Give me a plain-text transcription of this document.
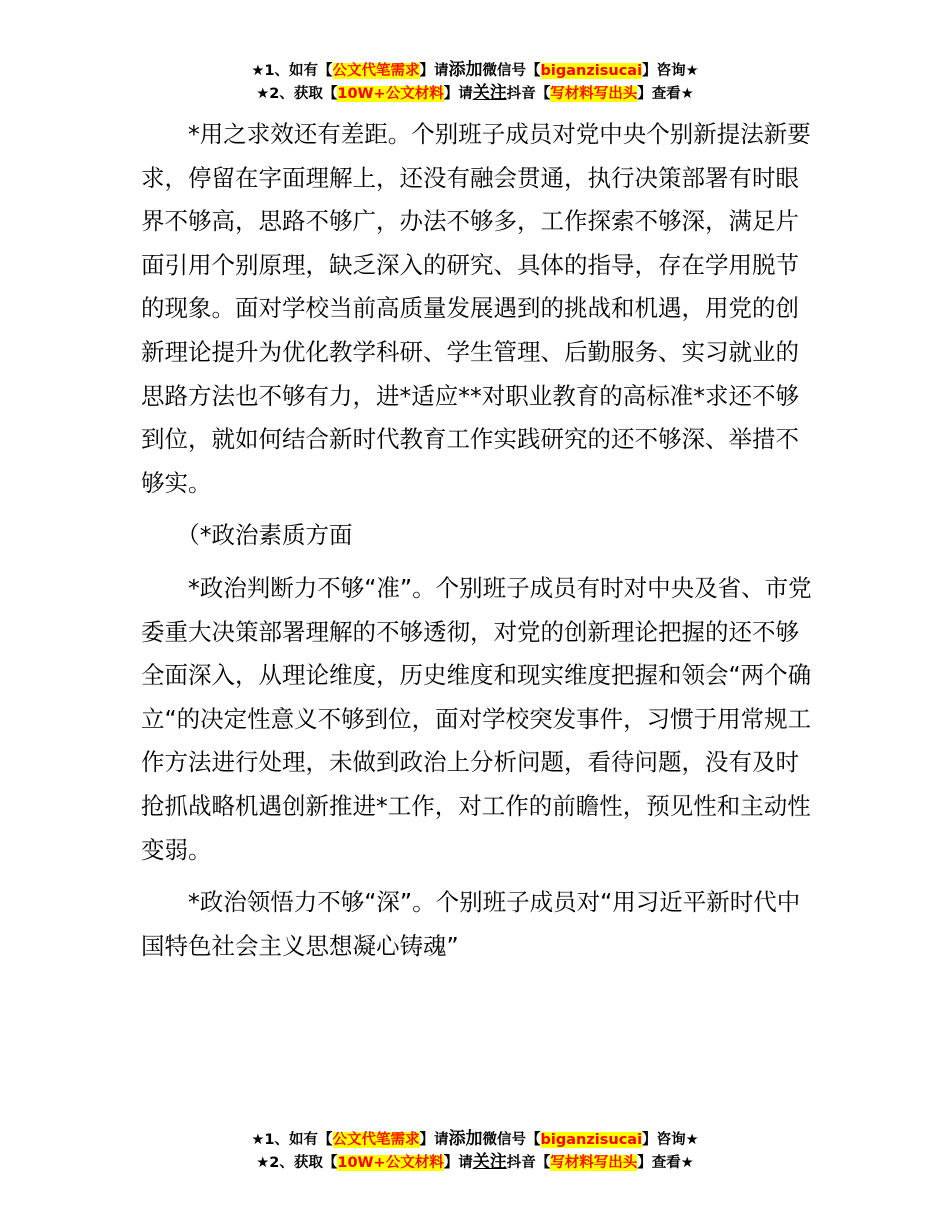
★1、如有【公文代笔需求】请添加微信号【biganzisucai】咨询★
★2、获取【10W+公文材料】请关注抖音【写材料写出头】查看★

*用之求效还有差距。个别班子成员对党中央个别新提法新要求，停留在字面理解上，还没有融会贯通，执行决策部署有时眼界不够高，思路不够广，办法不够多，工作探索不够深，满足片面引用个别原理，缺乏深入的研究、具体的指导，存在学用脱节的现象。面对学校当前高质量发展遇到的挑战和机遇，用党的创新理论提升为优化教学科研、学生管理、后勤服务、实习就业的思路方法也不够有力，进*适应**对职业教育的高标准*求还不够到位，就如何结合新时代教育工作实践研究的还不够深、举措不够实。

（*政治素质方面

*政治判断力不够“准”。个别班子成员有时对中央及省、市党委重大决策部署理解的不够透彻，对党的创新理论把握的还不够全面深入，从理论维度，历史维度和现实维度把握和领会“两个确立“的决定性意义不够到位，面对学校突发事件，习惯于用常规工作方法进行处理，未做到政治上分析问题，看待问题，没有及时抢抓战略机遇创新推进*工作，对工作的前瞻性，预见性和主动性变弱。

*政治领悟力不够“深”。个别班子成员对“用习近平新时代中国特色社会主义思想凝心铸魂”

★1、如有【公文代笔需求】请添加微信号【biganzisucai】咨询★
★2、获取【10W+公文材料】请关注抖音【写材料写出头】查看★
